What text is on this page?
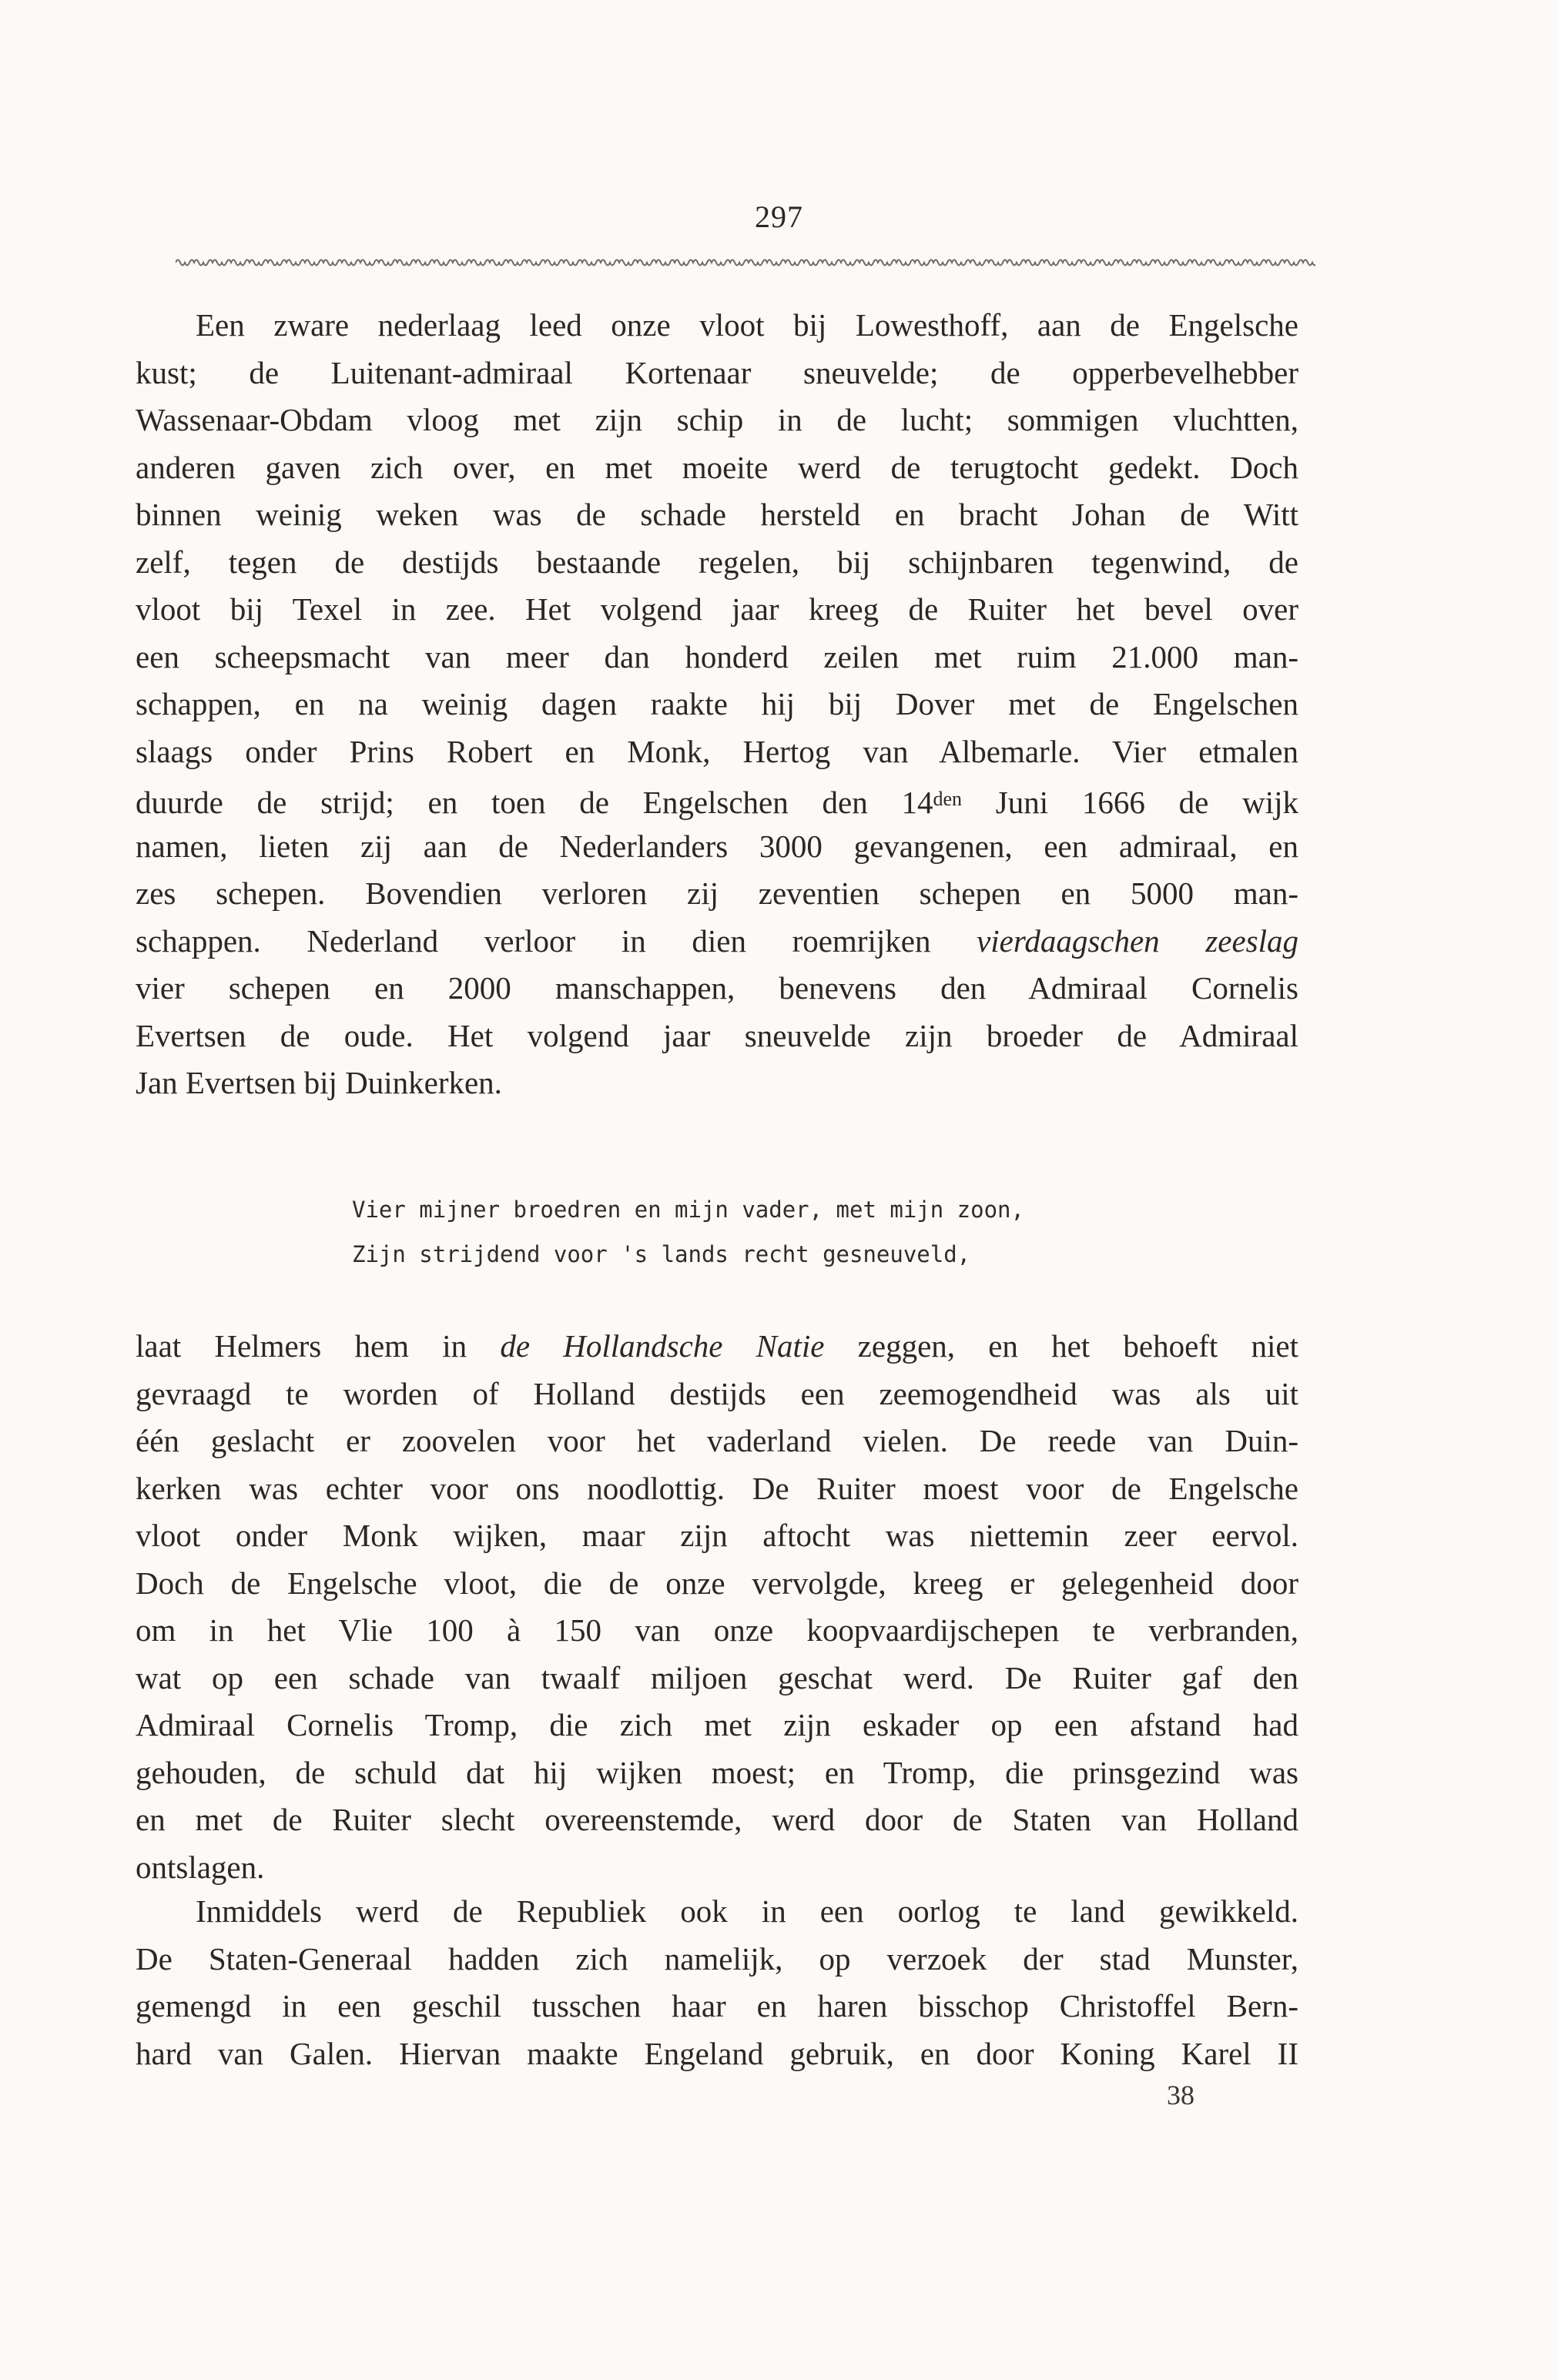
297
Een zware nederlaag leed onze vloot bij Lowesthoff, aan de Engelsche
kust; de Luitenant-admiraal Kortenaar sneuvelde; de opperbevelhebber
Wassenaar-Obdam vloog met zijn schip in de lucht; sommigen vluchtten,
anderen gaven zich over, en met moeite werd de terugtocht gedekt. Doch
binnen weinig weken was de schade hersteld en bracht Johan de Witt
zelf, tegen de destijds bestaande regelen, bij schijnbaren tegenwind, de
vloot bij Texel in zee. Het volgend jaar kreeg de Ruiter het bevel over
een scheepsmacht van meer dan honderd zeilen met ruim 21.000 man-
schappen, en na weinig dagen raakte hij bij Dover met de Engelschen
slaags onder Prins Robert en Monk, Hertog van Albemarle. Vier etmalen
duurde de strijd; en toen de Engelschen den $14^{den}$ Juni 1666 de wijk
namen, lieten zij aan de Nederlanders 3000 gevangenen, een admiraal, en
zes schepen. Bovendien verloren zij zeventien schepen en 5000 man-
schappen. Nederland verloor in dien roemrijken vierdaagschen zeeslag
vier schepen en 2000 manschappen, benevens den Admiraal Cornelis
Evertsen de oude. Het volgend jaar sneuvelde zijn broeder de Admiraal
Jan Evertsen bij Duinkerken.
Vier mijner broedren en mijn vader, met mijn zoon,
Zijn strijdend voor 's lands recht gesneuveld,
laat Helmers hem in de Hollandsche Natie zeggen, en het behoeft niet
gevraagd te worden of Holland destijds een zeemogendheid was als uit
één geslacht er zoovelen voor het vaderland vielen. De reede van Duin-
kerken was echter voor ons noodlottig. De Ruiter moest voor de Engelsche
vloot onder Monk wijken, maar zijn aftocht was niettemin zeer eervol.
Doch de Engelsche vloot, die de onze vervolgde, kreeg er gelegenheid door
om in het Vlie 100 à 150 van onze koopvaardijschepen te verbranden,
wat op een schade van twaalf miljoen geschat werd. De Ruiter gaf den
Admiraal Cornelis Tromp, die zich met zijn eskader op een afstand had
gehouden, de schuld dat hij wijken moest; en Tromp, die prinsgezind was
en met de Ruiter slecht overeenstemde, werd door de Staten van Holland
ontslagen.
Inmiddels werd de Republiek ook in een oorlog te land gewikkeld.
De Staten-Generaal hadden zich namelijk, op verzoek der stad Munster,
gemengd in een geschil tusschen haar en haren bisschop Christoffel Bern-
hard van Galen. Hiervan maakte Engeland gebruik, en door Koning Karel II
38
